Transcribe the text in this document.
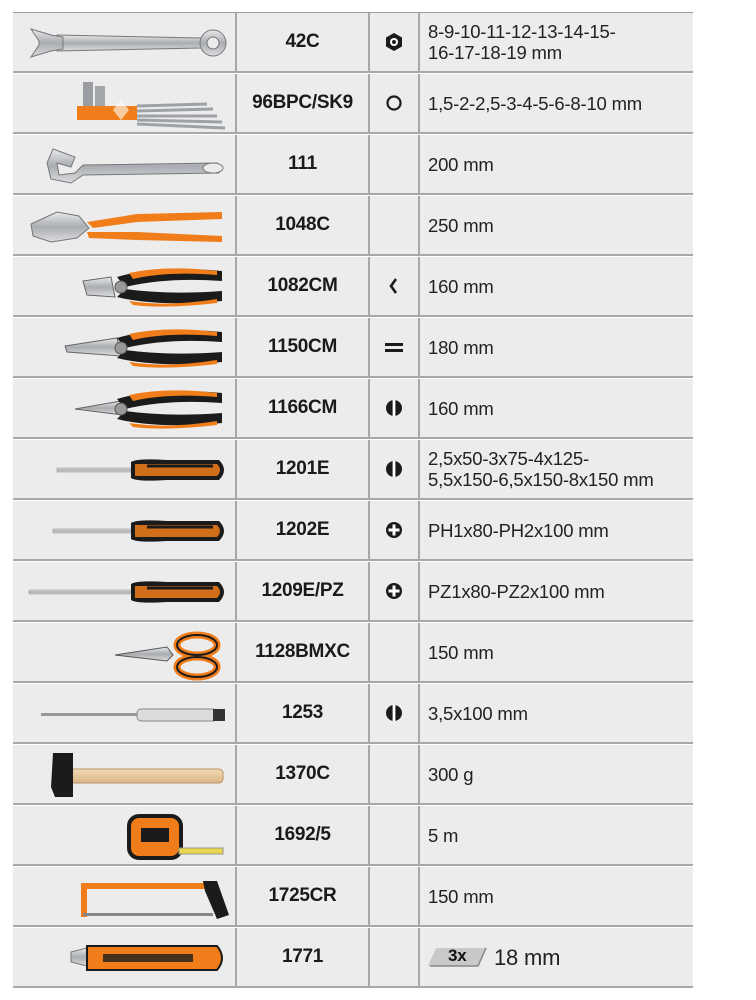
42C	8-9-10-11-12-13-14-15-
16-17-18-19 mm
96BPC/SK9	1,5-2-2,5-3-4-5-6-8-10 mm
111	200 mm
1048C	250 mm
1082CM	160 mm
1150CM	180 mm
1166CM	160 mm
1201E	2,5x50-3x75-4x125-
5,5x150-6,5x150-8x150 mm
1202E	PH1x80-PH2x100 mm
1209E/PZ	PZ1x80-PZ2x100 mm
1128BMXC	150 mm
1253	3,5x100 mm
1370C	300 g
1692/5	5 m
1725CR	150 mm
1771	3x 18 mm
